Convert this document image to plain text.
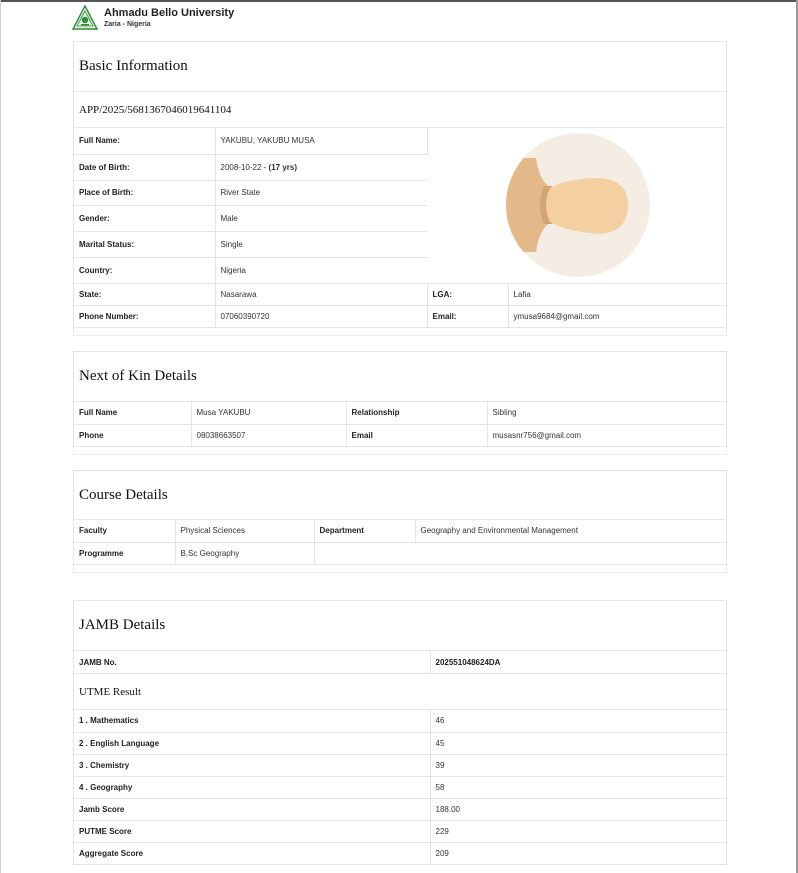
Ahmadu Bello University
Zaria - Nigeria
Basic Information
APP/2025/5681367046019641104
Full Name:	YAKUBU, YAKUBU MUSA	

Date of Birth:	2008-10-22 - (17 yrs)		
Place of Birth:	River State		
Gender:	Male		
Marital Status:	Single		
Country:	Nigeria		
State:	Nasarawa	LGA:	Lafia
Phone Number:	07060390720	Email:	ymusa9684@gmail.com
Next of Kin Details
Full Name	Musa YAKUBU	Relationship	Sibling
Phone	08038663507	Email	musasnr756@gmail.com
Course Details
Faculty	Physical Sciences	Department	Geography and Environmental Management
Programme	B.Sc Geography		
JAMB Details
JAMB No.	202551048624DA
UTME Result
1 . Mathematics	46
2 . English Language	45
3 . Chemistry	39
4 . Geography	58
Jamb Score	188.00
PUTME Score	229
Aggregate Score	209
